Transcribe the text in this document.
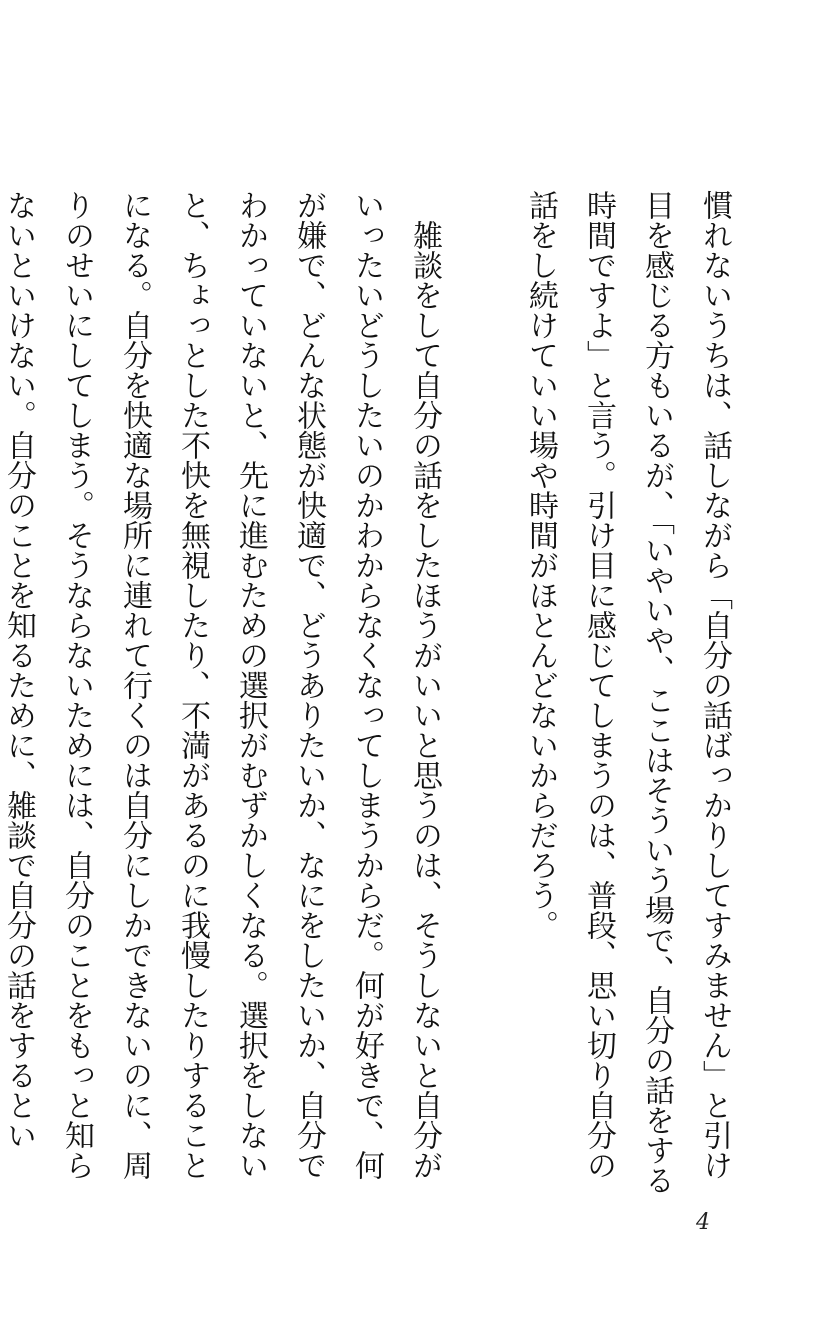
慣れないうちは、話しながら「自分の話ばっかりしてすみません」と引け目を感じる方もいるが、「いやいや、ここはそういう場で、自分の話をする時間ですよ」と言う。引け目に感じてしまうのは、普段、思い切り自分の話をし続けていい場や時間がほとんどないからだろう。

雑談をして自分の話をしたほうがいいと思うのは、そうしないと自分がいったいどうしたいのかわからなくなってしまうからだ。何が好きで、何が嫌で、どんな状態が快適で、どうありたいか、なにをしたいか、自分でわかっていないと、先に進むための選択がむずかしくなる。選択をしないと、ちょっとした不快を無視したり、不満があるのに我慢したりすることになる。自分を快適な場所に連れて行くのは自分にしかできないのに、周りのせいにしてしまう。そうならないためには、自分のことをもっと知らないといけない。自分のことを知るために、雑談で自分の話をするとい

4
